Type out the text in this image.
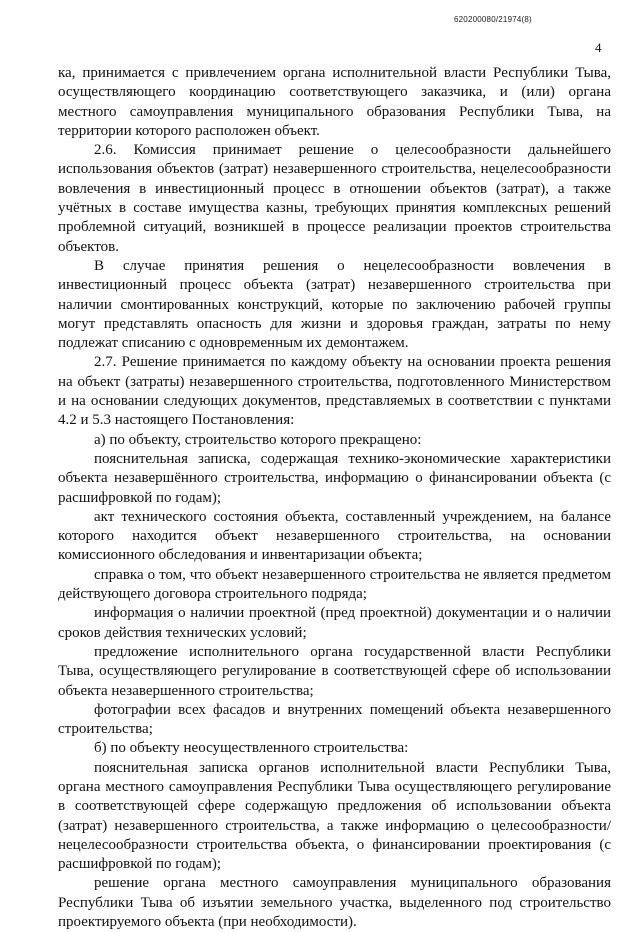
620200080/21974(8)
4

ка, принимается с привлечением органа исполнительной власти Республики Тыва, осуществляющего координацию соответствующего заказчика, и (или) органа местного самоуправления муниципального образования Республики Тыва, на территории которого расположен объект.

2.6. Комиссия принимает решение о целесообразности дальнейшего использования объектов (затрат) незавершенного строительства, нецелесообразности вовлечения в инвестиционный процесс в отношении объектов (затрат), а также учётных в составе имущества казны, требующих принятия комплексных решений проблемной ситуаций, возникшей в процессе реализации проектов строительства объектов.

В случае принятия решения о нецелесообразности вовлечения в инвестиционный процесс объекта (затрат) незавершенного строительства при наличии смонтированных конструкций, которые по заключению рабочей группы могут представлять опасность для жизни и здоровья граждан, затраты по нему подлежат списанию с одновременным их демонтажем.

2.7. Решение принимается по каждому объекту на основании проекта решения на объект (затраты) незавершенного строительства, подготовленного Министерством и на основании следующих документов, представляемых в соответствии с пунктами 4.2 и 5.3 настоящего Постановления:

а) по объекту, строительство которого прекращено:

пояснительная записка, содержащая технико-экономические характеристики объекта незавершённого строительства, информацию о финансировании объекта (с расшифровкой по годам);

акт технического состояния объекта, составленный учреждением, на балансе которого находится объект незавершенного строительства, на основании комиссионного обследования и инвентаризации объекта;

справка о том, что объект незавершенного строительства не является предметом действующего договора строительного подряда;

информация о наличии проектной (пред проектной) документации и о наличии сроков действия технических условий;

предложение исполнительного органа государственной власти Республики Тыва, осуществляющего регулирование в соответствующей сфере об использовании объекта незавершенного строительства;

фотографии всех фасадов и внутренних помещений объекта незавершенного строительства;

б) по объекту неосуществленного строительства:

пояснительная записка органов исполнительной власти Республики Тыва, органа местного самоуправления Республики Тыва осуществляющего регулирование в соответствующей сфере содержащую предложения об использовании объекта (затрат) незавершенного строительства, а также информацию о целесообразности/нецелесообразности строительства объекта, о финансировании проектирования (с расшифровкой по годам);

решение органа местного самоуправления муниципального образования Республики Тыва об изъятии земельного участка, выделенного под строительство проектируемого объекта (при необходимости).
